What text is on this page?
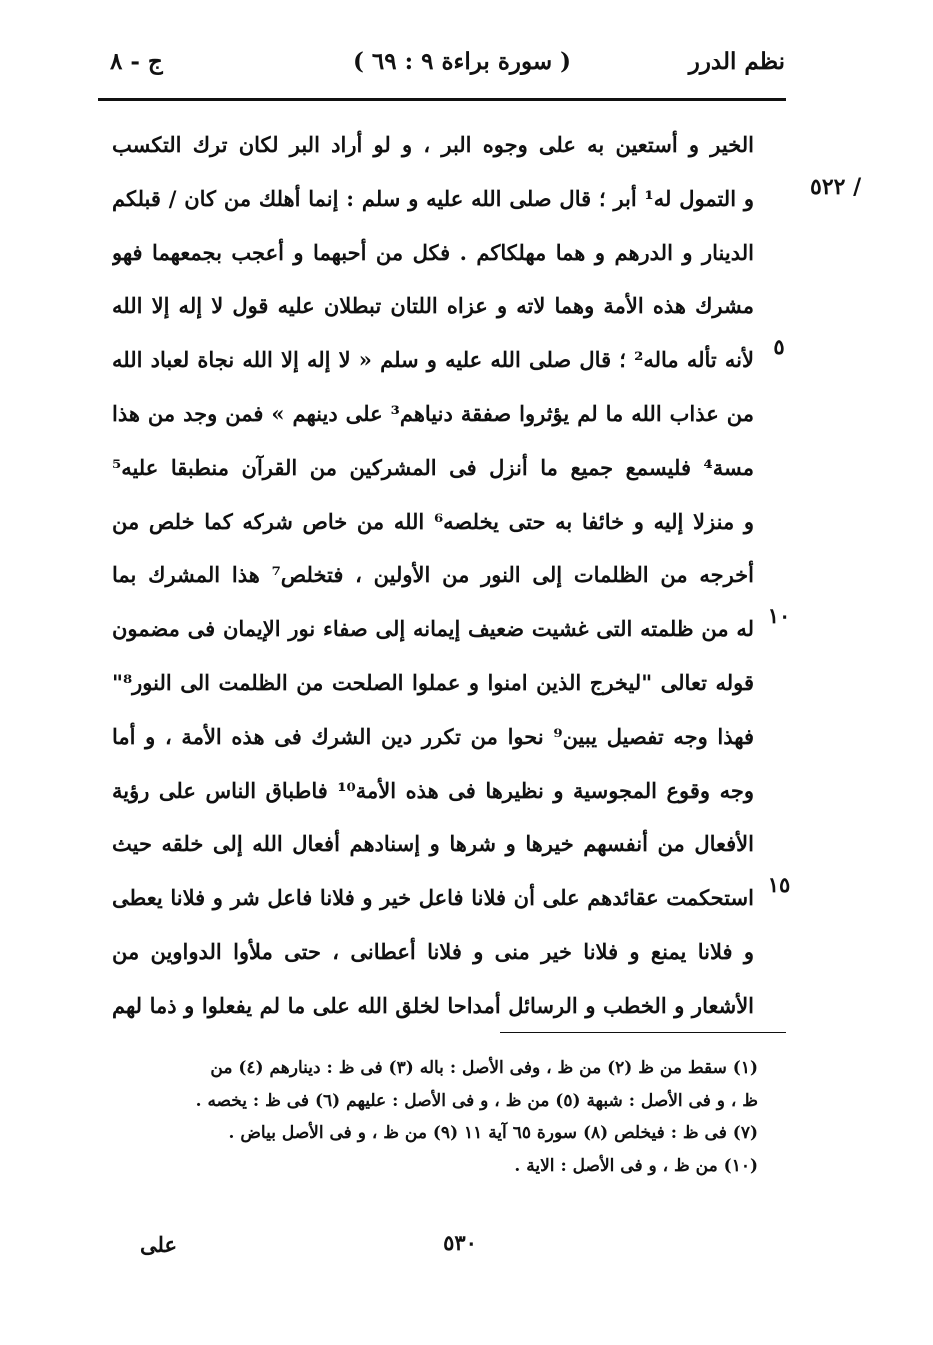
نظم الدرر
( سورة براءة ٩ : ٦٩ )
ج - ٨
٥٢٢ /
٥
١٠
١٥
الخير و أستعين به على وجوه البر ، و لو أراد البر لكان ترك التكسب
و التمول له¹ أبر ؛ قال صلى الله عليه و سلم : إنما أهلك من كان / قبلكم
الدينار و الدرهم و هما مهلكاكم . فكل من أحبهما و أعجب بجمعهما فهو
مشرك هذه الأمة وهما لاته و عزاه اللتان تبطلان عليه قول لا إله إلا الله
لأنه تأله ماله² ؛ قال صلى الله عليه و سلم « لا إله إلا الله نجاة لعباد الله
من عذاب الله ما لم يؤثروا صفقة دنياهم³ على دينهم » فمن وجد من هذا
مسة⁴ فليسمع جميع ما أنزل فى المشركين من القرآن منطبقا عليه⁵
و منزلا إليه و خائفا به حتى يخلصه⁶ الله من خاص شركه كما خلص من
أخرجه من الظلمات إلى النور من الأولين ، فتخلص⁷ هذا المشرك بما
له من ظلمته التى غشيت ضعيف إيمانه إلى صفاء نور الإيمان فى مضمون
قوله تعالى "ليخرج الذين امنوا و عملوا الصلحت من الظلمت الى النور⁸"
فهذا وجه تفصيل يبين⁹ نحوا من تكرر دين الشرك فى هذه الأمة ، و أما
وجه وقوع المجوسية و نظيرها فى هذه الأمة¹⁰ فاطباق الناس على رؤية
الأفعال من أنفسهم خيرها و شرها و إسنادهم أفعال الله إلى خلقه حيث
استحكمت عقائدهم على أن فلانا فاعل خير و فلانا فاعل شر و فلانا يعطى
و فلانا يمنع و فلانا خير منى و فلانا أعطانى ، حتى ملأوا الدواوين من
الأشعار و الخطب و الرسائل أمداحا لخلق الله على ما لم يفعلوا و ذما لهم
(١) سقط من ظ (٢) من ظ ، وفى الأصل : باله (٣) فى ظ : دينارهم (٤) من
ظ ، و فى الأصل : شبهة (٥) من ظ ، و فى الأصل : عليهم (٦) فى ظ : يخصه .
(٧) فى ظ : فيخلص (٨) سورة ٦٥ آية ١١ (٩) من ظ ، و فى الأصل بياض .
(١٠) من ظ ، و فى الأصل : الاية .
على	٥٣٠
